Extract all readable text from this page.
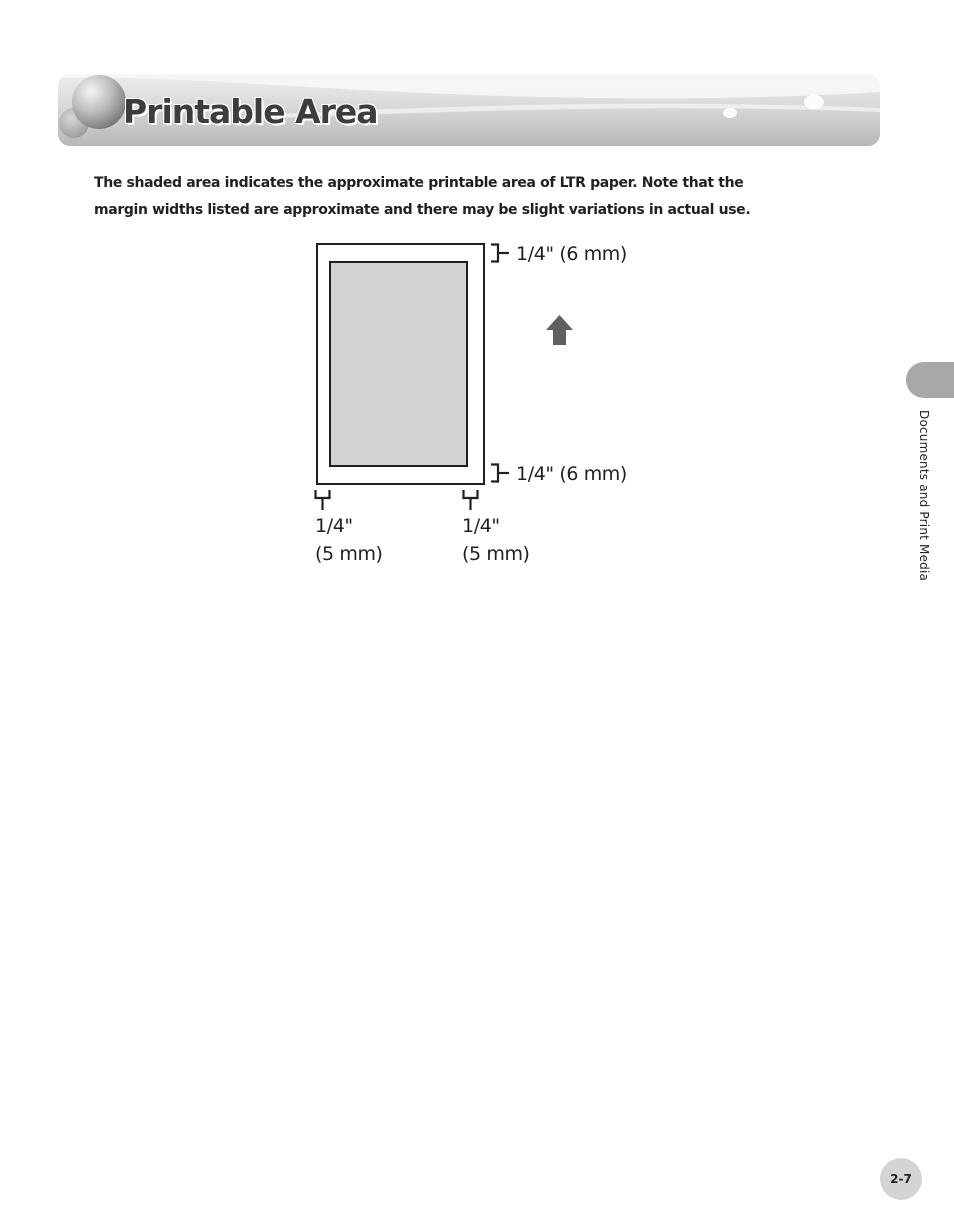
Printable Area

The shaded area indicates the approximate printable area of LTR paper. Note that the
margin widths listed are approximate and there may be slight variations in actual use.

1/4" (6 mm)

1/4" (6 mm)

1/4"
(5 mm)

1/4"
(5 mm)	Documents and Print Media

2-7
